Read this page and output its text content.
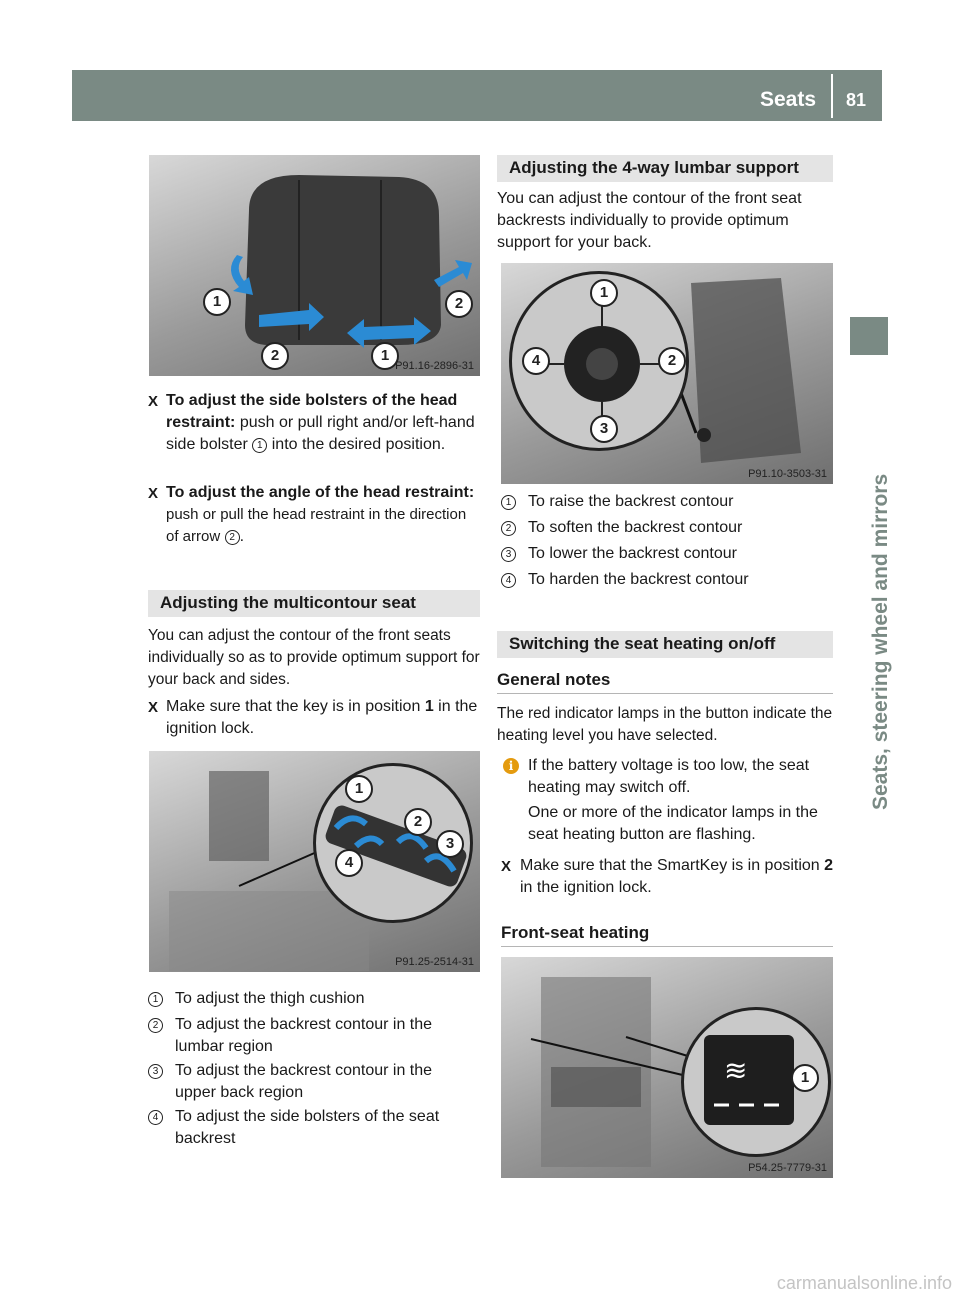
Seats 81
Seats, steering wheel and mirrors
1	2
2	1
P91.16-2896-31
X To adjust the side bolsters of the head restraint: push or pull right and/or left-hand side bolster 1 into the desired position.
X To adjust the angle of the head restraint: push or pull the head restraint in the direction of arrow 2 .
Adjusting the multicontour seat
You can adjust the contour of the front seats individually so as to provide optimum support for your back and sides.
X Make sure that the key is in position 1 in the ignition lock.
1
2
3
4
P91.25-2514-31
1 To adjust the thigh cushion
2 To adjust the backrest contour in the lumbar region
3 To adjust the backrest contour in the upper back region
4 To adjust the side bolsters of the seat backrest
Adjusting the 4-way lumbar support
You can adjust the contour of the front seat backrests individually to provide optimum support for your back.
1
2
3
4
P91.10-3503-31
1 To raise the backrest contour
2 To soften the backrest contour
3 To lower the backrest contour
4 To harden the backrest contour
Switching the seat heating on/off
General notes
The red indicator lamps in the button indicate the heating level you have selected.
i If the battery voltage is too low, the seat heating may switch off.
One or more of the indicator lamps in the seat heating button are flashing.
X Make sure that the SmartKey is in position 2 in the ignition lock.
Front-seat heating
≋	1
P54.25-7779-31
carmanualsonline.info
